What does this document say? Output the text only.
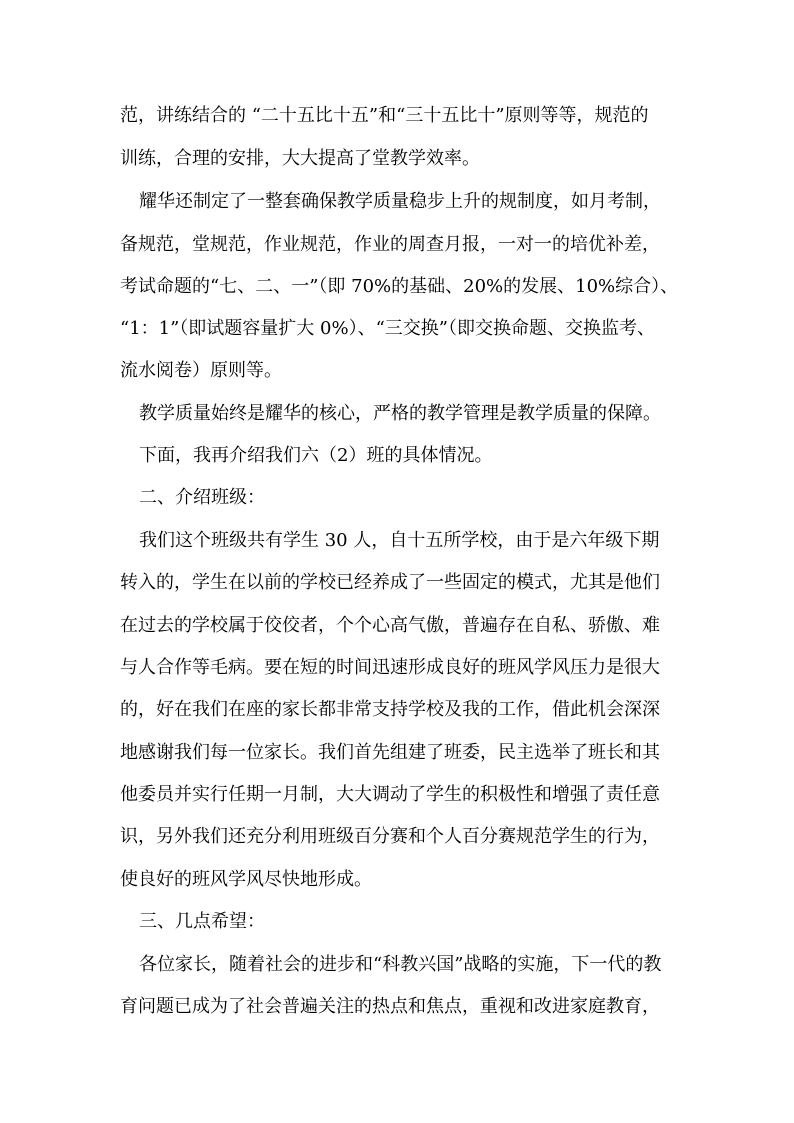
范，讲练结合的 “二十五比十五”和“三十五比十”原则等等，规范的
训练，合理的安排，大大提高了堂教学效率。
耀华还制定了一整套确保教学质量稳步上升的规制度，如月考制，
备规范，堂规范，作业规范，作业的周查月报，一对一的培优补差，
考试命题的“七、二、一”（即 70%的基础、20%的发展、10%综合）、
“1：1”（即试题容量扩大 0%）、“三交换”（即交换命题、交换监考、
流水阅卷）原则等。
教学质量始终是耀华的核心，严格的教学管理是教学质量的保障。
下面，我再介绍我们六（2）班的具体情况。
二、介绍班级：
我们这个班级共有学生 30 人，自十五所学校，由于是六年级下期
转入的，学生在以前的学校已经养成了一些固定的模式，尤其是他们
在过去的学校属于佼佼者，个个心高气傲，普遍存在自私、骄傲、难
与人合作等毛病。要在短的时间迅速形成良好的班风学风压力是很大
的，好在我们在座的家长都非常支持学校及我的工作，借此机会深深
地感谢我们每一位家长。我们首先组建了班委，民主选举了班长和其
他委员并实行任期一月制，大大调动了学生的积极性和增强了责任意
识，另外我们还充分利用班级百分赛和个人百分赛规范学生的行为，
使良好的班风学风尽快地形成。
三、几点希望：
各位家长，随着社会的进步和“科教兴国”战略的实施，下一代的教
育问题已成为了社会普遍关注的热点和焦点，重视和改进家庭教育，
